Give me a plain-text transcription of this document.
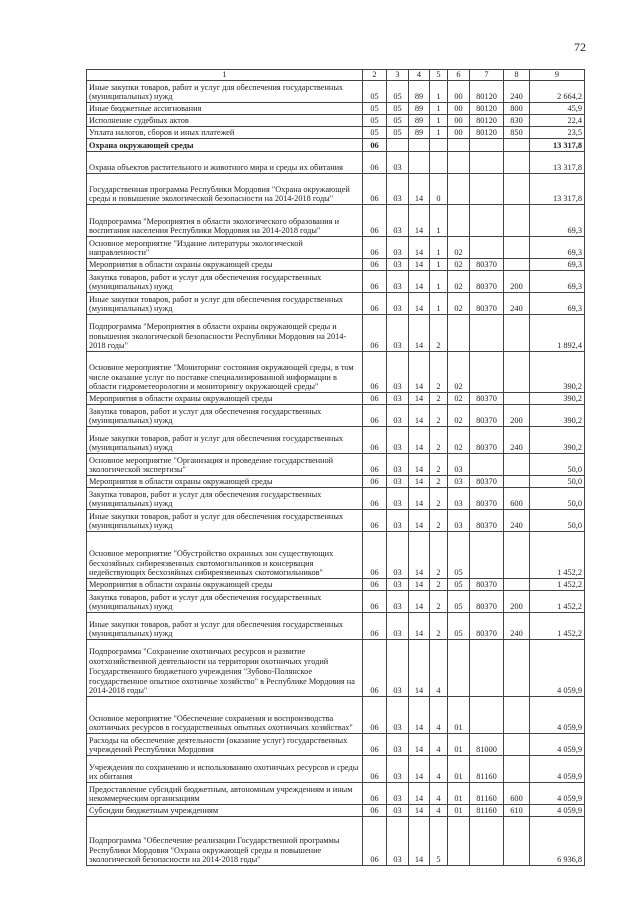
72
1	2	3	4	5	6	7	8	9
Иные закупки товаров, работ и услуг для обеспечения государственных (муниципальных) нужд	05	05	89	1	00	80120	240	2 664,2
Иные бюджетные ассигнования	05	05	89	1	00	80120	800	45,9
Исполнение судебных актов	05	05	89	1	00	80120	830	22,4
Уплата налогов, сборов и иных платежей	05	05	89	1	00	80120	850	23,5
Охрана окружающей среды	06							13 317,8
Охрана объектов растительного и животного мира и среды их обитания	06	03						13 317,8
Государственная программа Республики Мордовия "Охрана окружающей среды и повышение экологической безопасности на 2014-2018 годы"	06	03	14	0				13 317,8
Подпрограмма "Мероприятия в области экологического образования и воспитания населения Республики Мордовия на 2014-2018 годы"	06	03	14	1				69,3
Основное мероприятие "Издание литературы экологической направленности"	06	03	14	1	02			69,3
Мероприятия в области охраны окружающей среды	06	03	14	1	02	80370		69,3
Закупка товаров, работ и услуг для обеспечения государственных (муниципальных) нужд	06	03	14	1	02	80370	200	69,3
Иные закупки товаров, работ и услуг для обеспечения государственных (муниципальных) нужд	06	03	14	1	02	80370	240	69,3
Подпрограмма "Мероприятия в области охраны окружающей среды и повышения экологической безопасности Республики Мордовия на 2014-2018 годы"	06	03	14	2				1 892,4
Основное мероприятие "Мониторинг состояния окружающей среды, в том числе оказание услуг по поставке специализированной информации в области гидрометеорологии и мониторингу окружающей среды"	06	03	14	2	02			390,2
Мероприятия в области охраны окружающей среды	06	03	14	2	02	80370		390,2
Закупка товаров, работ и услуг для обеспечения государственных (муниципальных) нужд	06	03	14	2	02	80370	200	390,2
Иные закупки товаров, работ и услуг для обеспечения государственных (муниципальных) нужд	06	03	14	2	02	80370	240	390,2
Основное мероприятие "Организация и проведение государственной экологической экспертизы"	06	03	14	2	03			50,0
Мероприятия в области охраны окружающей среды	06	03	14	2	03	80370		50,0
Закупка товаров, работ и услуг для обеспечения государственных (муниципальных) нужд	06	03	14	2	03	80370	600	50,0
Иные закупки товаров, работ и услуг для обеспечения государственных (муниципальных) нужд	06	03	14	2	03	80370	240	50,0
Основное мероприятие "Обустройство охранных зон существующих бесхозяйных сибиреязвенных скотомогильников и консервация недействующих бесхозяйных сибиреязвенных скотомогильников"	06	03	14	2	05			1 452,2
Мероприятия в области охраны окружающей среды	06	03	14	2	05	80370		1 452,2
Закупка товаров, работ и услуг для обеспечения государственных (муниципальных) нужд	06	03	14	2	05	80370	200	1 452,2
Иные закупки товаров, работ и услуг для обеспечения государственных (муниципальных) нужд	06	03	14	2	05	80370	240	1 452,2
Подпрограмма "Сохранение охотничьих ресурсов и развитие охотхозяйственной деятельности на территории охотничьих угодий Государственного бюджетного учреждения "Зубово-Полянское государственное опытное охотничье хозяйство" в Республике Мордовия на 2014-2018 годы"	06	03	14	4				4 059,9
Основное мероприятие "Обеспечение сохранения и воспроизводства охотничьих ресурсов в государственных опытных охотничьих хозяйствах"	06	03	14	4	01			4 059,9
Расходы на обеспечение деятельности (оказание услуг) государственных учреждений Республики Мордовия	06	03	14	4	01	81000		4 059,9
Учреждения по сохранению и использованию охотничьих ресурсов и среды их обитания	06	03	14	4	01	81160		4 059,9
Предоставление субсидий бюджетным, автономным учреждениям и иным некоммерческим организациям	06	03	14	4	01	81160	600	4 059,9
Субсидии бюджетным учреждениям	06	03	14	4	01	81160	610	4 059,9
Подпрограмма "Обеспечение реализации Государственной программы Республики Мордовия "Охрана окружающей среды и повышение экологической безопасности на 2014-2018 годы"	06	03	14	5				6 936,8
